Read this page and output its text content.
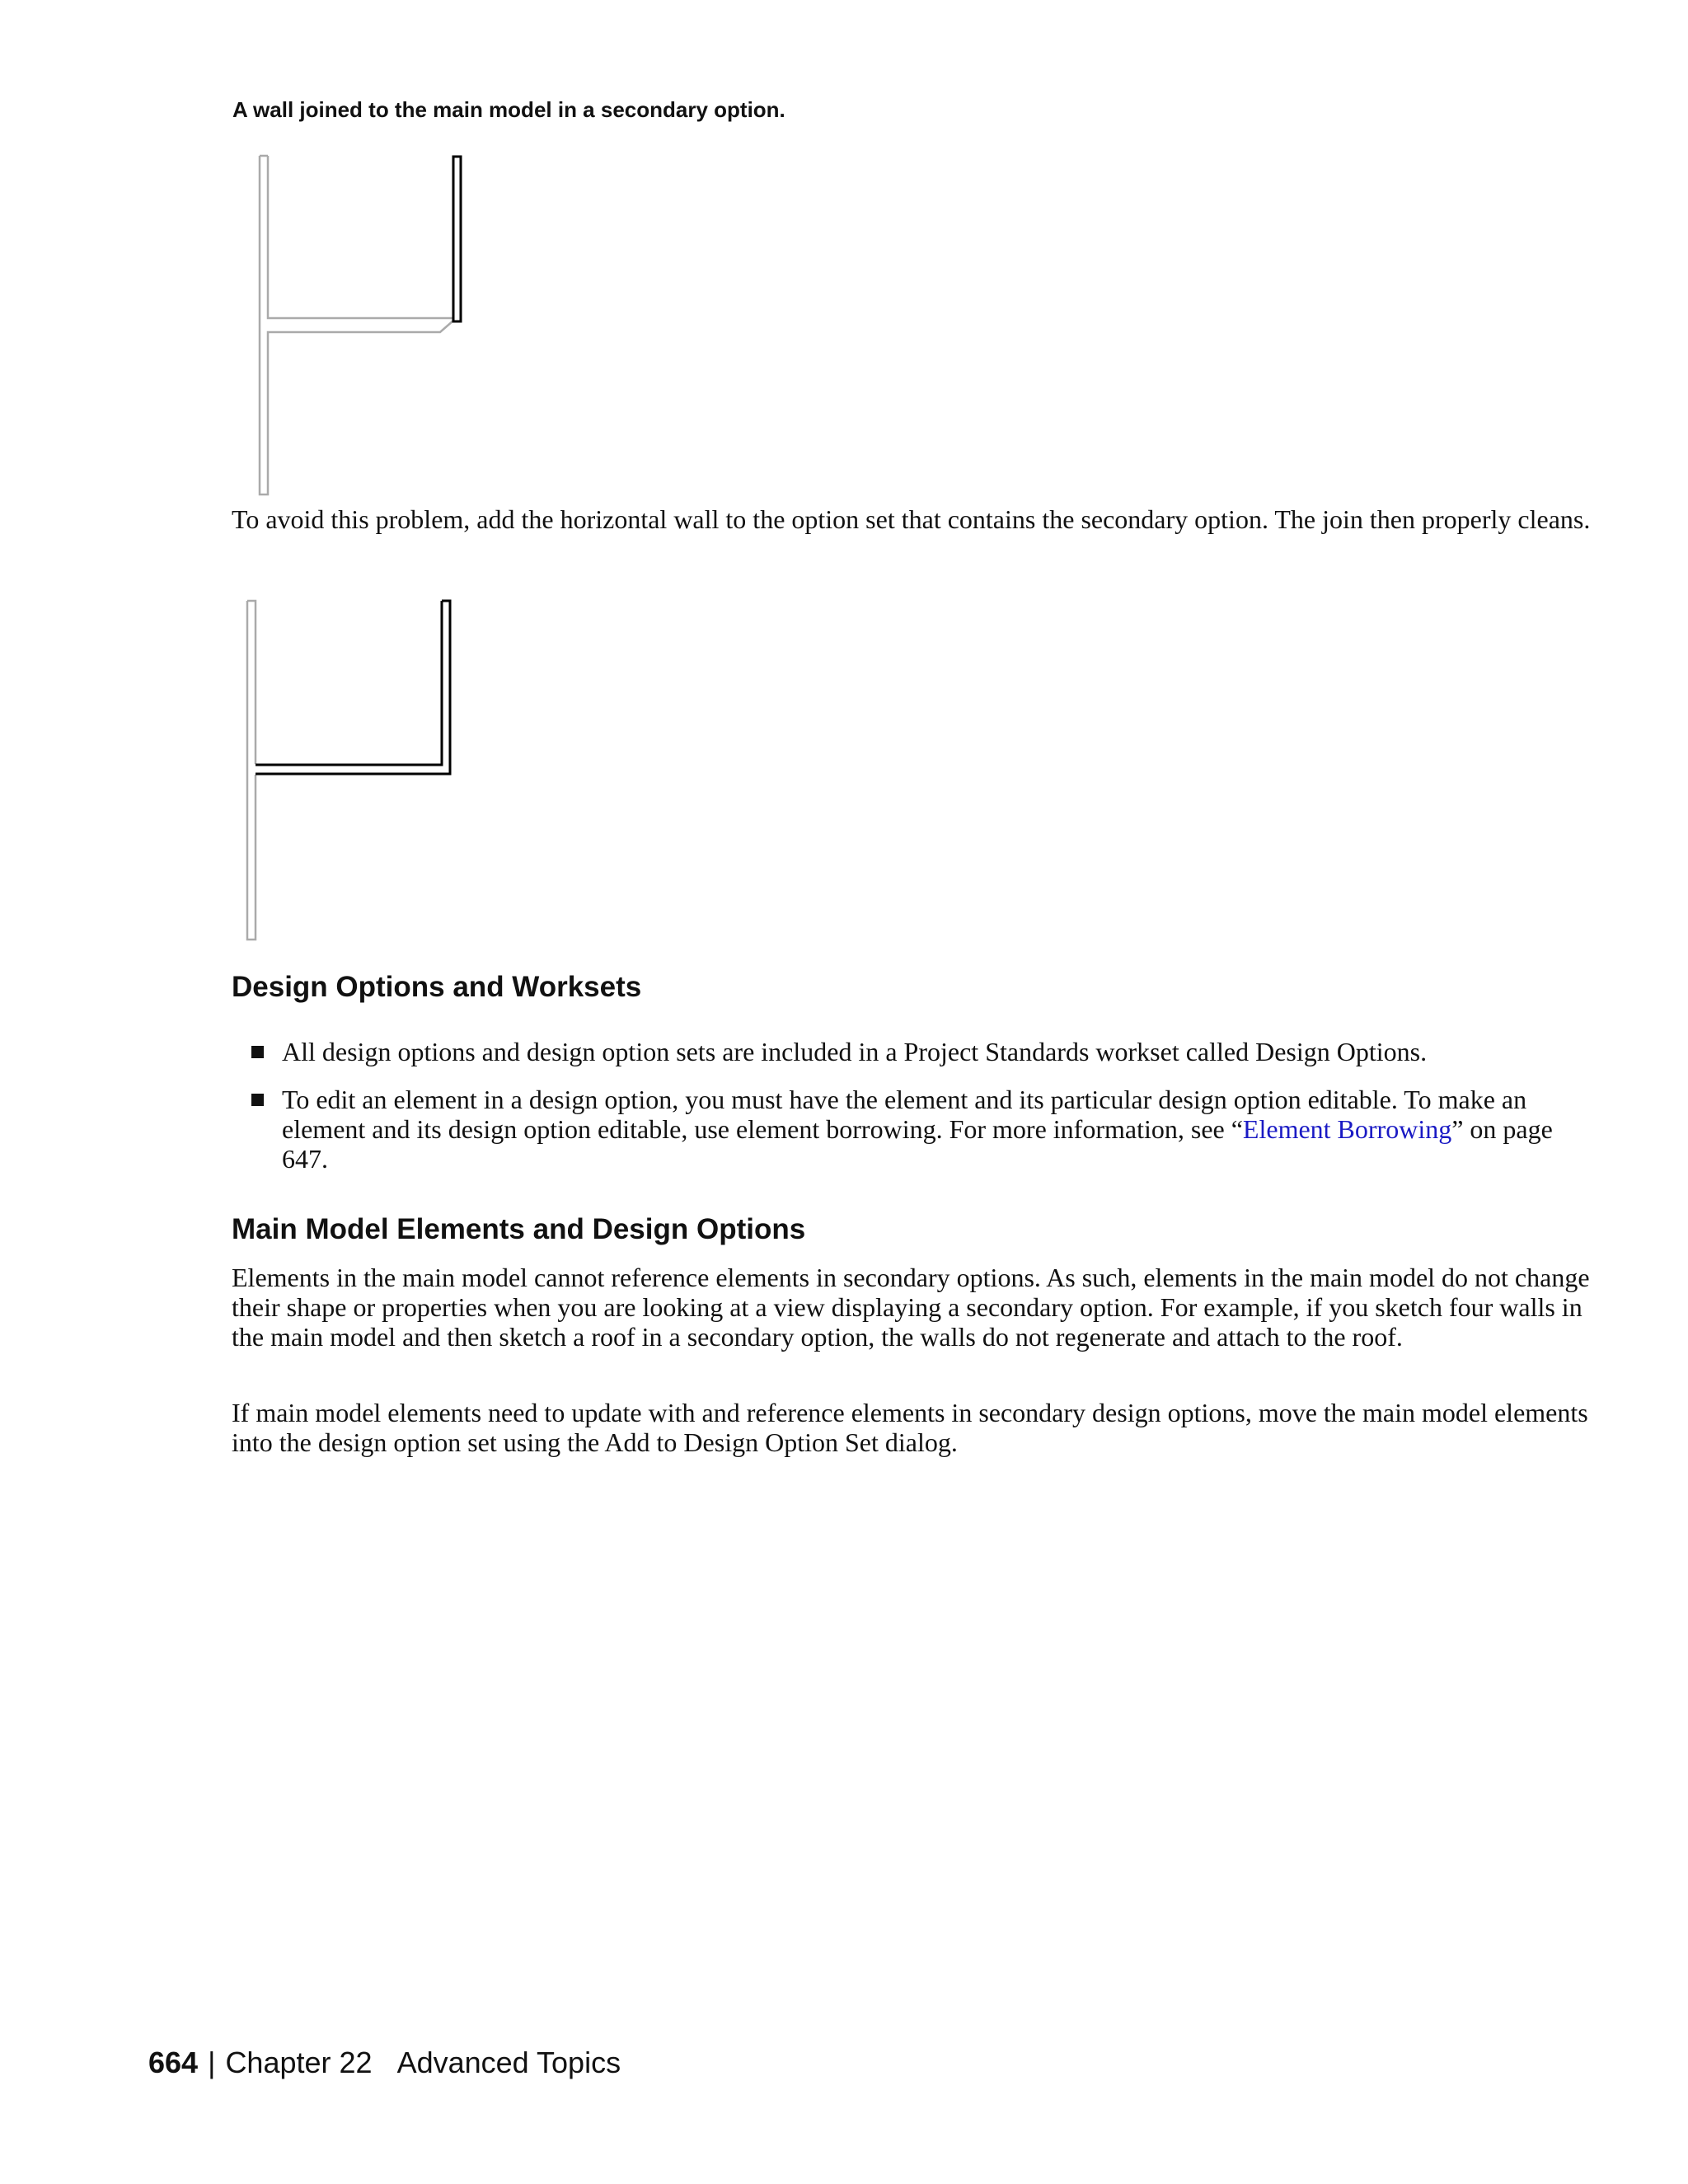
A wall joined to the main model in a secondary option.

To avoid this problem, add the horizontal wall to the option set that contains the secondary option. The join then properly cleans.

Design Options and Worksets
All design options and design option sets are included in a Project Standards workset called Design Options.
To edit an element in a design option, you must have the element and its particular design option editable. To make an element and its design option editable, use element borrowing. For more information, see “Element Borrowing” on page 647.
Main Model Elements and Design Options

Elements in the main model cannot reference elements in secondary options. As such, elements in the main model do not change their shape or properties when you are looking at a view displaying a secondary option. For example, if you sketch four walls in the main model and then sketch a roof in a secondary option, the walls do not regenerate and attach to the roof.

If main model elements need to update with and reference elements in secondary design options, move the main model elements into the design option set using the Add to Design Option Set dialog.

664 | Chapter 22 Advanced Topics
